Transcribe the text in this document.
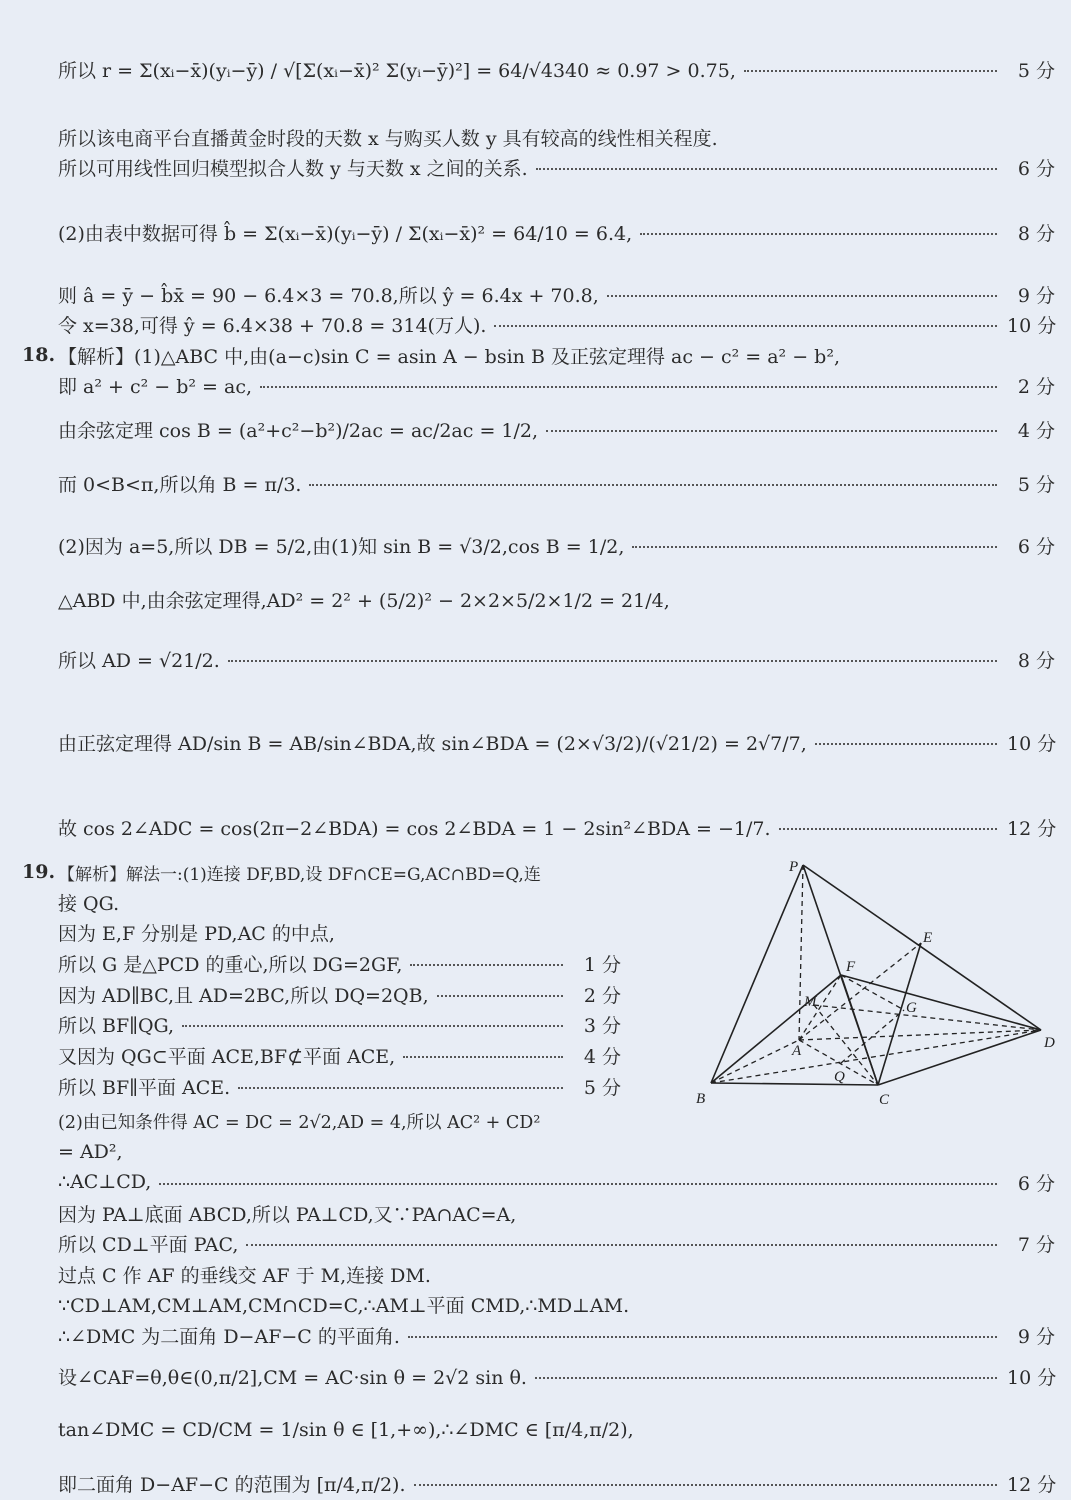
所以 r = Σ(xᵢ−x̄)(yᵢ−ȳ) / √[Σ(xᵢ−x̄)² Σ(yᵢ−ȳ)²] = 64/√4340 ≈ 0.97 > 0.75,	5 分
所以该电商平台直播黄金时段的天数 x 与购买人数 y 具有较高的线性相关程度.
所以可用线性回归模型拟合人数 y 与天数 x 之间的关系.	6 分
(2)由表中数据可得 b̂ = Σ(xᵢ−x̄)(yᵢ−ȳ) / Σ(xᵢ−x̄)² = 64/10 = 6.4,	8 分
则 â = ȳ − b̂x̄ = 90 − 6.4×3 = 70.8,所以 ŷ = 6.4x + 70.8,	9 分
令 x=38,可得 ŷ = 6.4×38 + 70.8 = 314(万人).	10 分
18. 【解析】(1)△ABC 中,由(a−c)sin C = asin A − bsin B 及正弦定理得 ac − c² = a² − b²,
即 a² + c² − b² = ac,	2 分
由余弦定理 cos B = (a²+c²−b²)/2ac = ac/2ac = 1/2,	4 分
而 0<B<π,所以角 B = π/3.	5 分
(2)因为 a=5,所以 DB = 5/2,由(1)知 sin B = √3/2,cos B = 1/2,	6 分
△ABD 中,由余弦定理得,AD² = 2² + (5/2)² − 2×2×5/2×1/2 = 21/4,
所以 AD = √21/2.	8 分
由正弦定理得 AD/sin B = AB/sin∠BDA,故 sin∠BDA = (2×√3/2)/(√21/2) = 2√7/7,	10 分
故 cos 2∠ADC = cos(2π−2∠BDA) = cos 2∠BDA = 1 − 2sin²∠BDA = −1/7.	12 分
19. 【解析】解法一:(1)连接 DF,BD,设 DF∩CE=G,AC∩BD=Q,连
接 QG.
因为 E,F 分别是 PD,AC 的中点,
所以 G 是△PCD 的重心,所以 DG=2GF,	1 分
因为 AD∥BC,且 AD=2BC,所以 DQ=2QB,	2 分
所以 BF∥QG,	3 分
又因为 QG⊂平面 ACE,BF⊄平面 ACE,	4 分
所以 BF∥平面 ACE.	5 分
(2)由已知条件得 AC = DC = 2√2,AD = 4,所以 AC² + CD²
= AD²,
∴AC⊥CD,	6 分
因为 PA⊥底面 ABCD,所以 PA⊥CD,又∵PA∩AC=A,
所以 CD⊥平面 PAC,	7 分
过点 C 作 AF 的垂线交 AF 于 M,连接 DM.
∵CD⊥AM,CM⊥AM,CM∩CD=C,∴AM⊥平面 CMD,∴MD⊥AM.
∴∠DMC 为二面角 D−AF−C 的平面角.	9 分
设∠CAF=θ,θ∈(0,π/2],CM = AC·sin θ = 2√2 sin θ.	10 分
tan∠DMC = CD/CM = 1/sin θ ∈ [1,+∞),∴∠DMC ∈ [π/4,π/2),
即二面角 D−AF−C 的范围为 [π/4,π/2).	12 分
P
E
F
M	G
A
Q
B	C
D
